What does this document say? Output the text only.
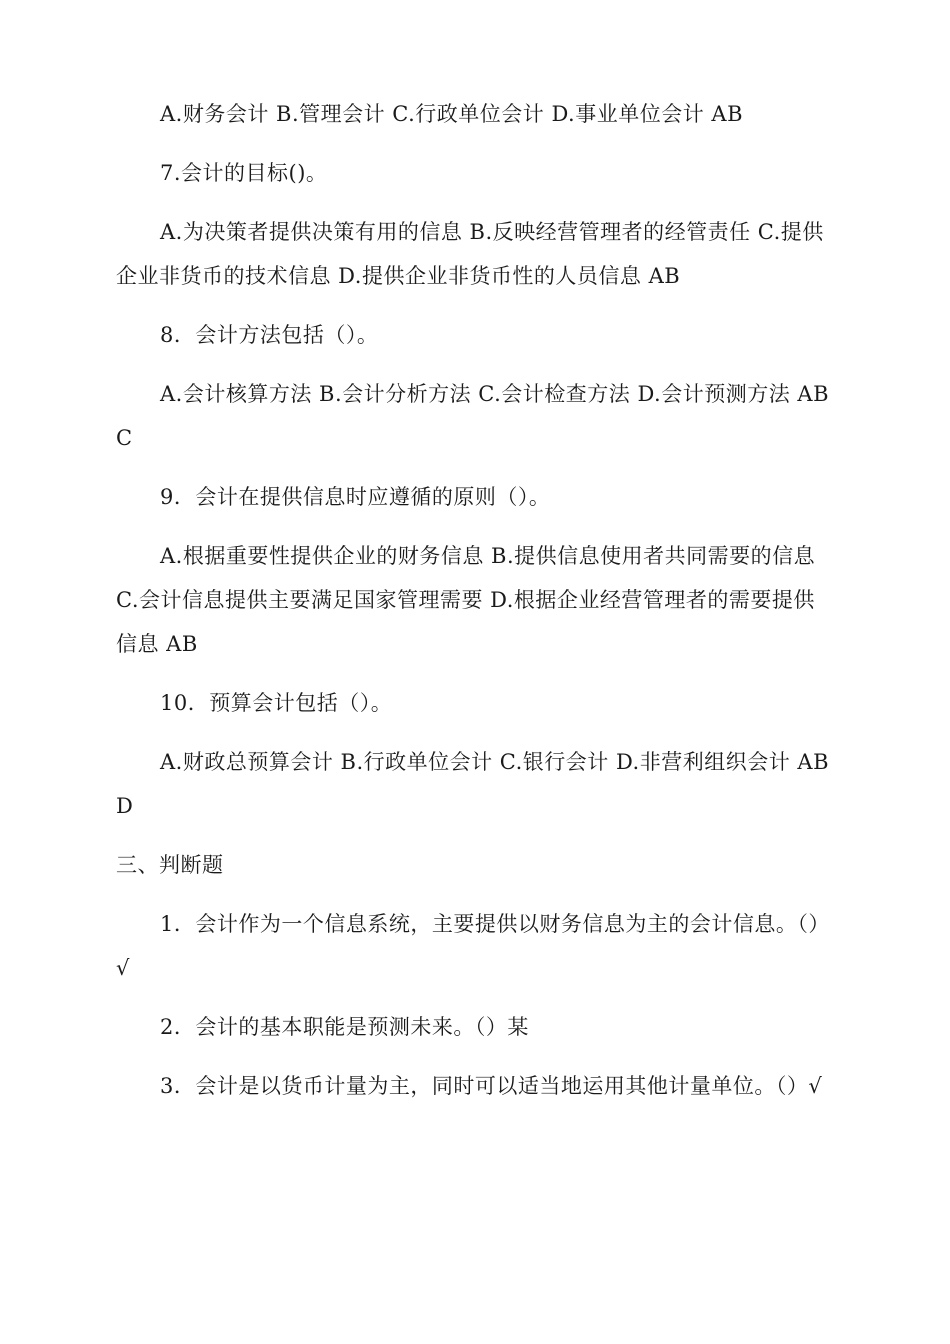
A.财务会计 B.管理会计 C.行政单位会计 D.事业单位会计 AB

7.会计的目标()。

A.为决策者提供决策有用的信息 B.反映经营管理者的经管责任 C.提供企业非货币的技术信息 D.提供企业非货币性的人员信息 AB

8．会计方法包括（）。

A.会计核算方法 B.会计分析方法 C.会计检查方法 D.会计预测方法 ABC

9．会计在提供信息时应遵循的原则（）。

A.根据重要性提供企业的财务信息 B.提供信息使用者共同需要的信息 C.会计信息提供主要满足国家管理需要 D.根据企业经营管理者的需要提供信息 AB

10．预算会计包括（）。

A.财政总预算会计 B.行政单位会计 C.银行会计 D.非营利组织会计 ABD

三、判断题

1．会计作为一个信息系统，主要提供以财务信息为主的会计信息。（）√

2．会计的基本职能是预测未来。（）某

3．会计是以货币计量为主，同时可以适当地运用其他计量单位。（）√
